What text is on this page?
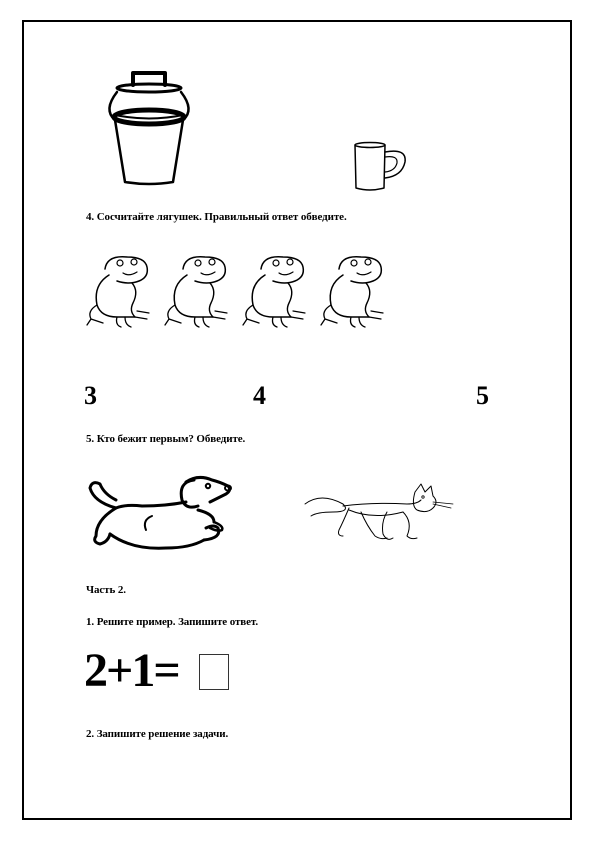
4. Сосчитайте лягушек. Правильный ответ обведите.
3	4	5
5. Кто бежит первым? Обведите.
Часть 2.
1. Решите пример. Запишите ответ.
2+1=
2. Запишите решение задачи.
